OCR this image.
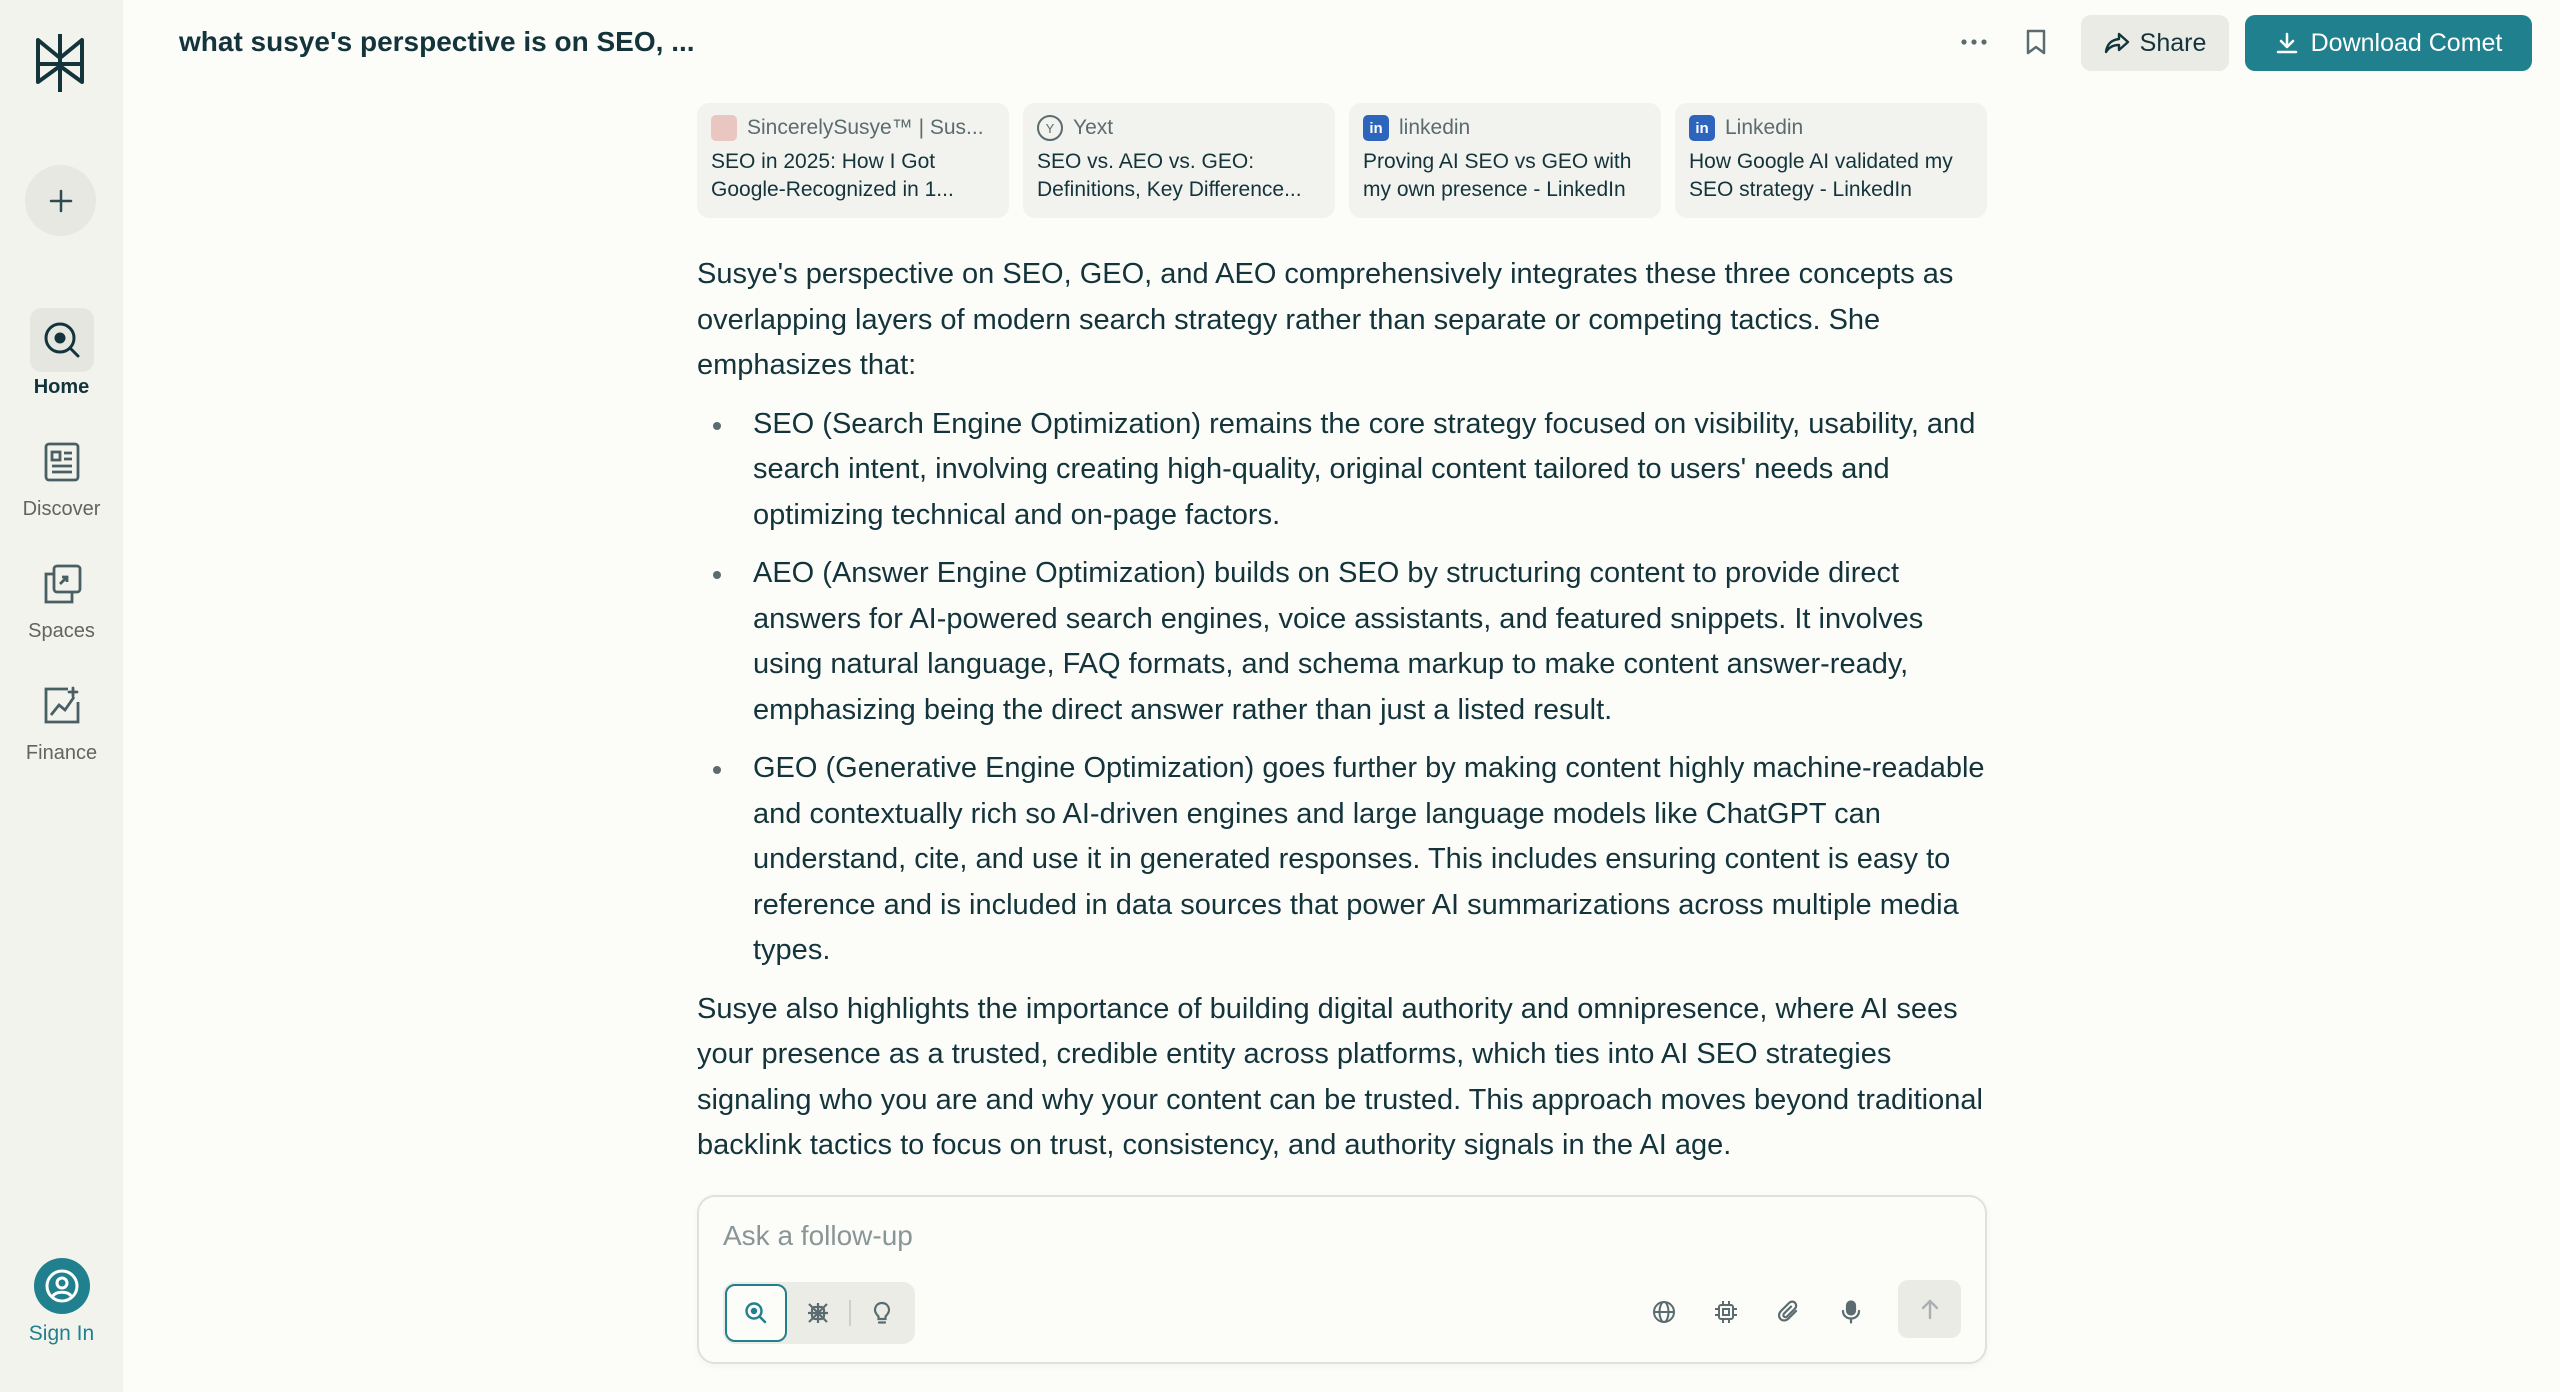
Home
Discover
Spaces
Finance
Sign In
what susye's perspective is on SEO, ...	Share	Download Comet
SincerelySusye™ | Sus...
SEO in 2025: How I Got Google-Recognized in 1...
Y Yext
SEO vs. AEO vs. GEO: Definitions, Key Difference...
in linkedin
Proving AI SEO vs GEO with my own presence - LinkedIn
in Linkedin
How Google AI validated my SEO strategy - LinkedIn

Susye's perspective on SEO, GEO, and AEO comprehensively integrates these three concepts as overlapping layers of modern search strategy rather than separate or competing tactics. She emphasizes that:

SEO (Search Engine Optimization) remains the core strategy focused on visibility, usability, and search intent, involving creating high-quality, original content tailored to users' needs and optimizing technical and on-page factors.
AEO (Answer Engine Optimization) builds on SEO by structuring content to provide direct answers for AI-powered search engines, voice assistants, and featured snippets. It involves using natural language, FAQ formats, and schema markup to make content answer-ready, emphasizing being the direct answer rather than just a listed result.
GEO (Generative Engine Optimization) goes further by making content highly machine-readable and contextually rich so AI-driven engines and large language models like ChatGPT can understand, cite, and use it in generated responses. This includes ensuring content is easy to reference and is included in data sources that power AI summarizations across multiple media types.

Susye also highlights the importance of building digital authority and omnipresence, where AI sees your presence as a trusted, credible entity across platforms, which ties into AI SEO strategies signaling who you are and why your content can be trusted. This approach moves beyond traditional backlink tactics to focus on trust, consistency, and authority signals in the AI age.

Ask a follow-up
